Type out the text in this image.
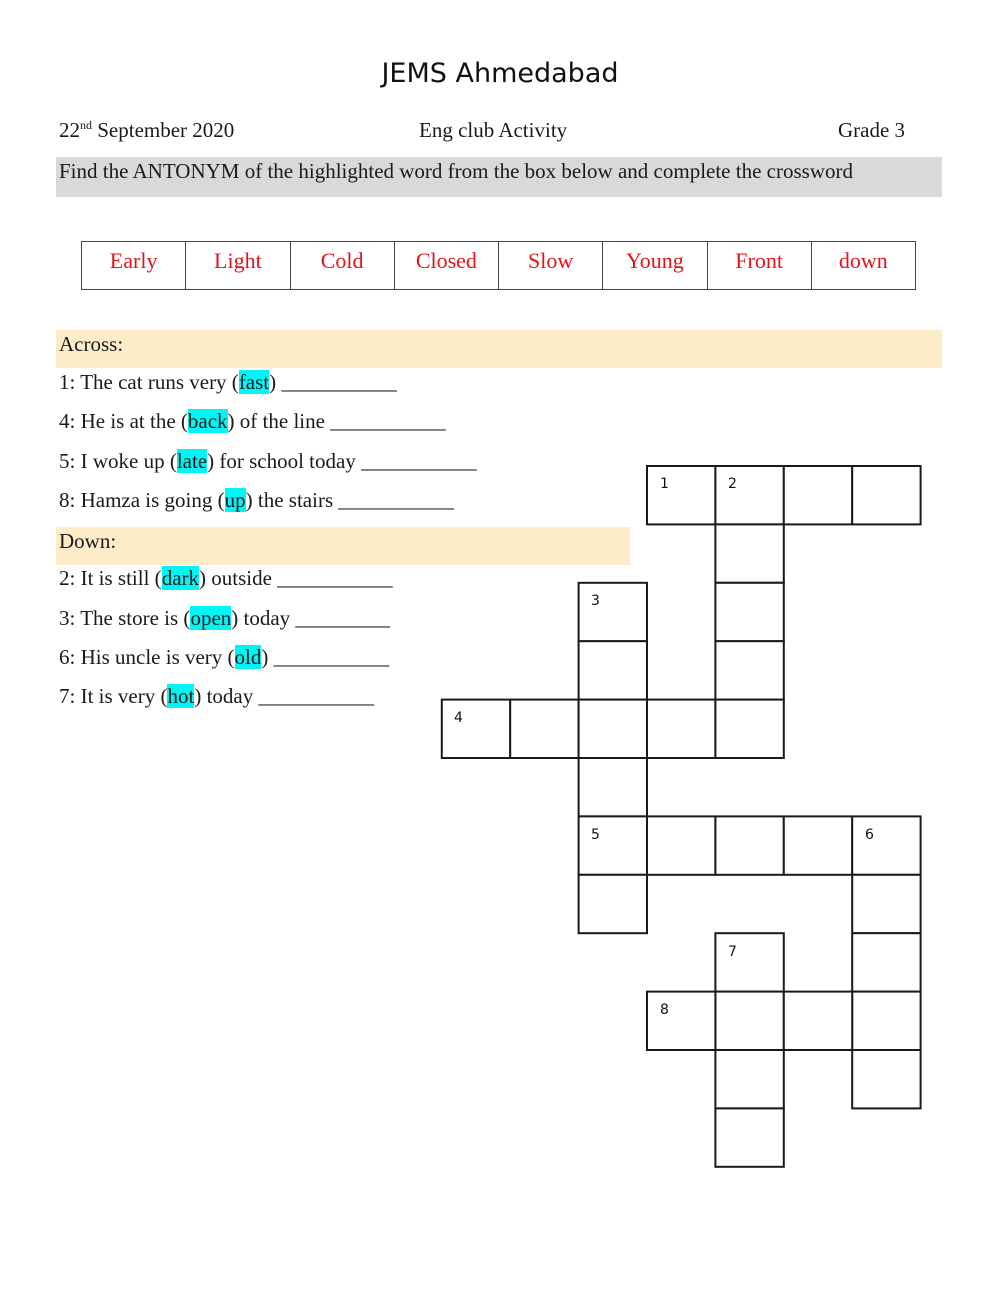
JEMS Ahmedabad
22nd September 2020	Eng club Activity	Grade 3
Find the ANTONYM of the highlighted word from the box below and complete the crossword
Early	Light	Cold	Closed	Slow	Young	Front	down
Across:
1: The cat runs very (fast) ___________
4: He is at the (back) of the line ___________
5: I woke up (late) for school today ___________
8: Hamza is going (up) the stairs ___________
Down:
2: It is still (dark) outside ___________
3: The store is (open) today _________
6: His uncle is very (old) ___________
7: It is very (hot) today ___________
1	2
3
4
5	6
7
8
